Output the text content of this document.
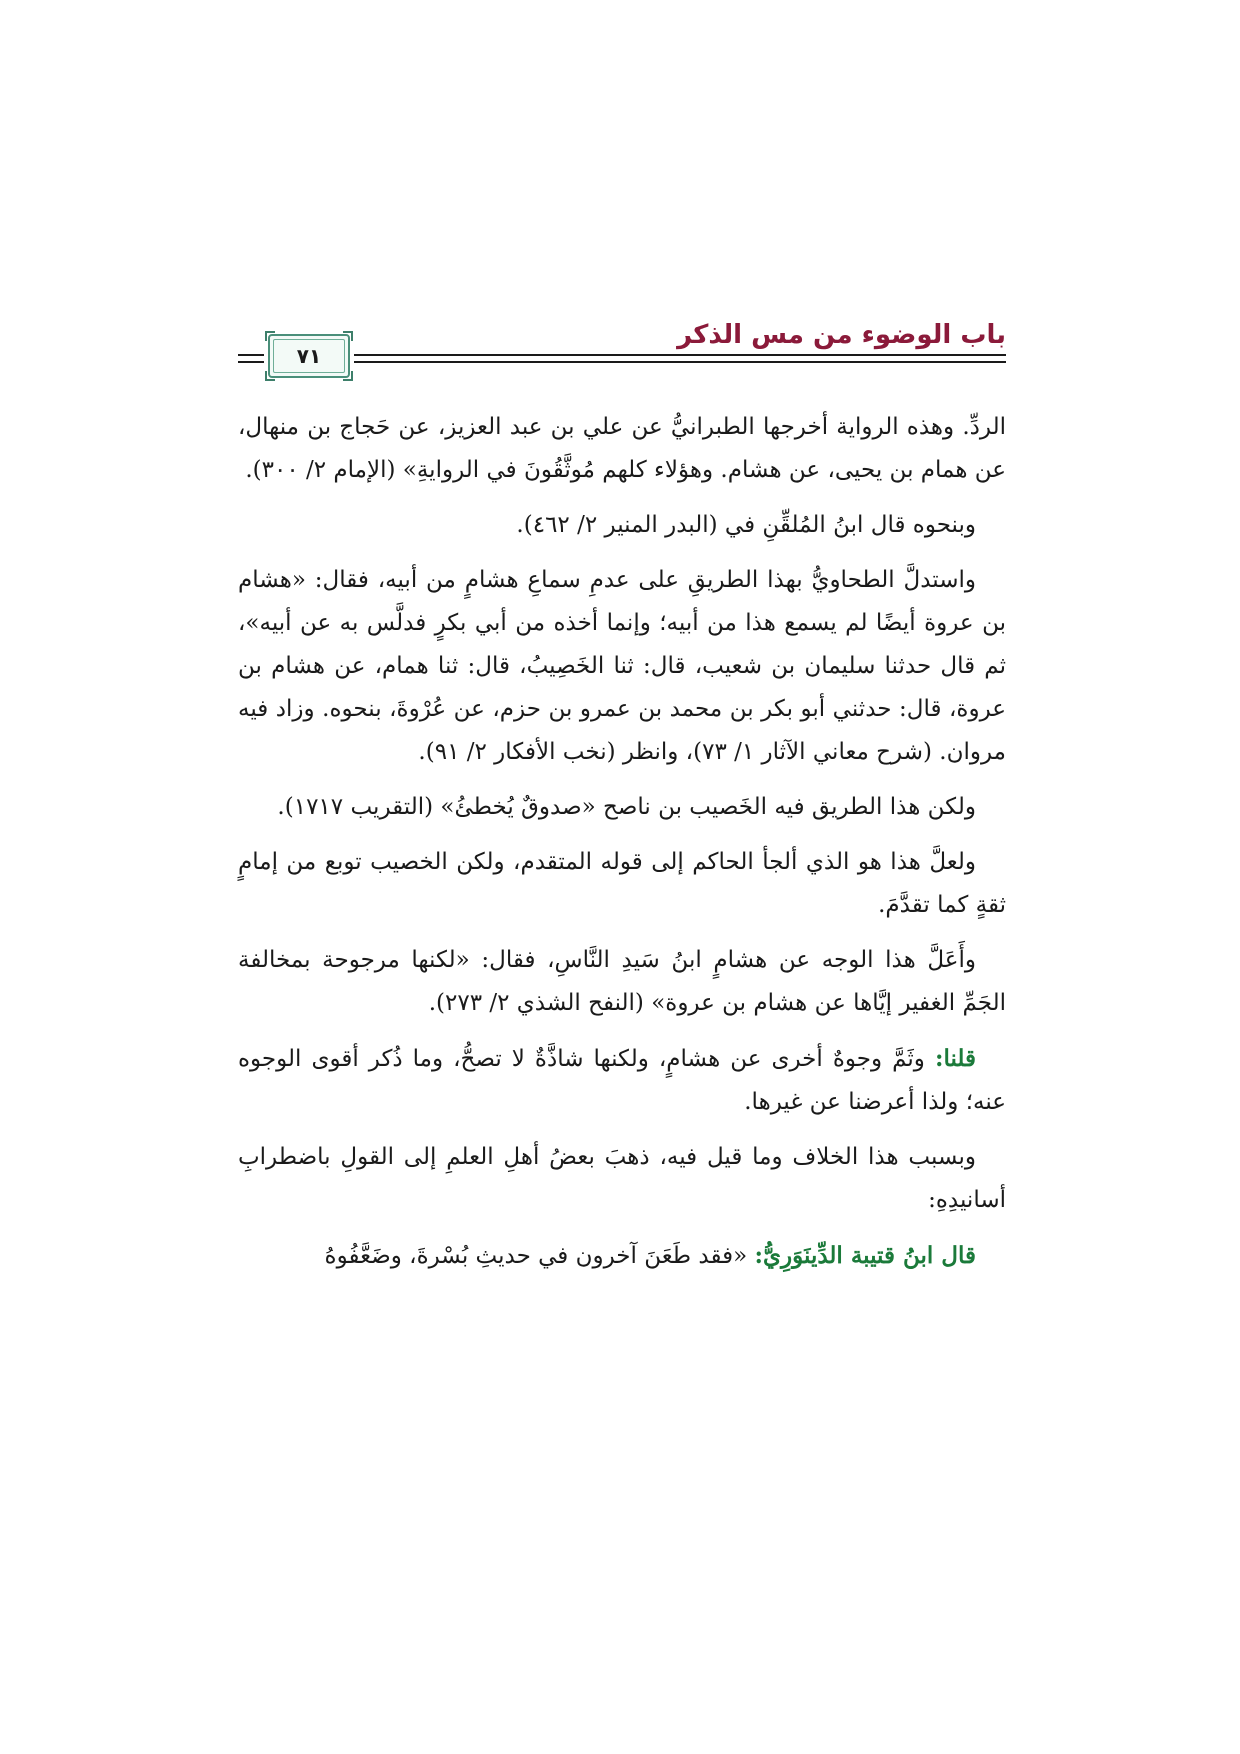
باب الوضوء من مس الذكر
٧١

الردِّ. وهذه الرواية أخرجها الطبرانيُّ عن علي بن عبد العزيز، عن حَجاج بن منهال، عن همام بن يحيى، عن هشام. وهؤلاء كلهم مُوثَّقُونَ في الروايةِ» (الإمام ٢/ ٣٠٠).

وبنحوه قال ابنُ المُلقِّنِ في (البدر المنير ٢/ ٤٦٢).

واستدلَّ الطحاويُّ بهذا الطريقِ على عدمِ سماعِ هشامٍ من أبيه، فقال: «هشام بن عروة أيضًا لم يسمع هذا من أبيه؛ وإنما أخذه من أبي بكرٍ فدلَّس به عن أبيه»، ثم قال حدثنا سليمان بن شعيب، قال: ثنا الخَصِيبُ، قال: ثنا همام، عن هشام بن عروة، قال: حدثني أبو بكر بن محمد بن عمرو بن حزم، عن عُرْوةَ، بنحوه. وزاد فيه مروان. (شرح معاني الآثار ١/ ٧٣)، وانظر (نخب الأفكار ٢/ ٩١).

ولكن هذا الطريق فيه الخَصيب بن ناصح «صدوقٌ يُخطئُ» (التقريب ١٧١٧).

ولعلَّ هذا هو الذي ألجأ الحاكم إلى قوله المتقدم، ولكن الخصيب توبع من إمامٍ ثقةٍ كما تقدَّمَ.

وأَعَلَّ هذا الوجه عن هشامٍ ابنُ سَيدِ النَّاسِ، فقال: «لكنها مرجوحة بمخالفة الجَمِّ الغفير إيَّاها عن هشام بن عروة» (النفح الشذي ٢/ ٢٧٣).

قلنا: وثَمَّ وجوهٌ أخرى عن هشامٍ، ولكنها شاذَّةٌ لا تصحُّ، وما ذُكر أقوى الوجوه عنه؛ ولذا أعرضنا عن غيرها.

وبسبب هذا الخلاف وما قيل فيه، ذهبَ بعضُ أهلِ العلمِ إلى القولِ باضطرابِ أسانيدِهِ:

قال ابنُ قتيبة الدِّينَوَرِيُّ: «فقد طَعَنَ آخرون في حديثِ بُسْرةَ، وضَعَّفُوهُ
